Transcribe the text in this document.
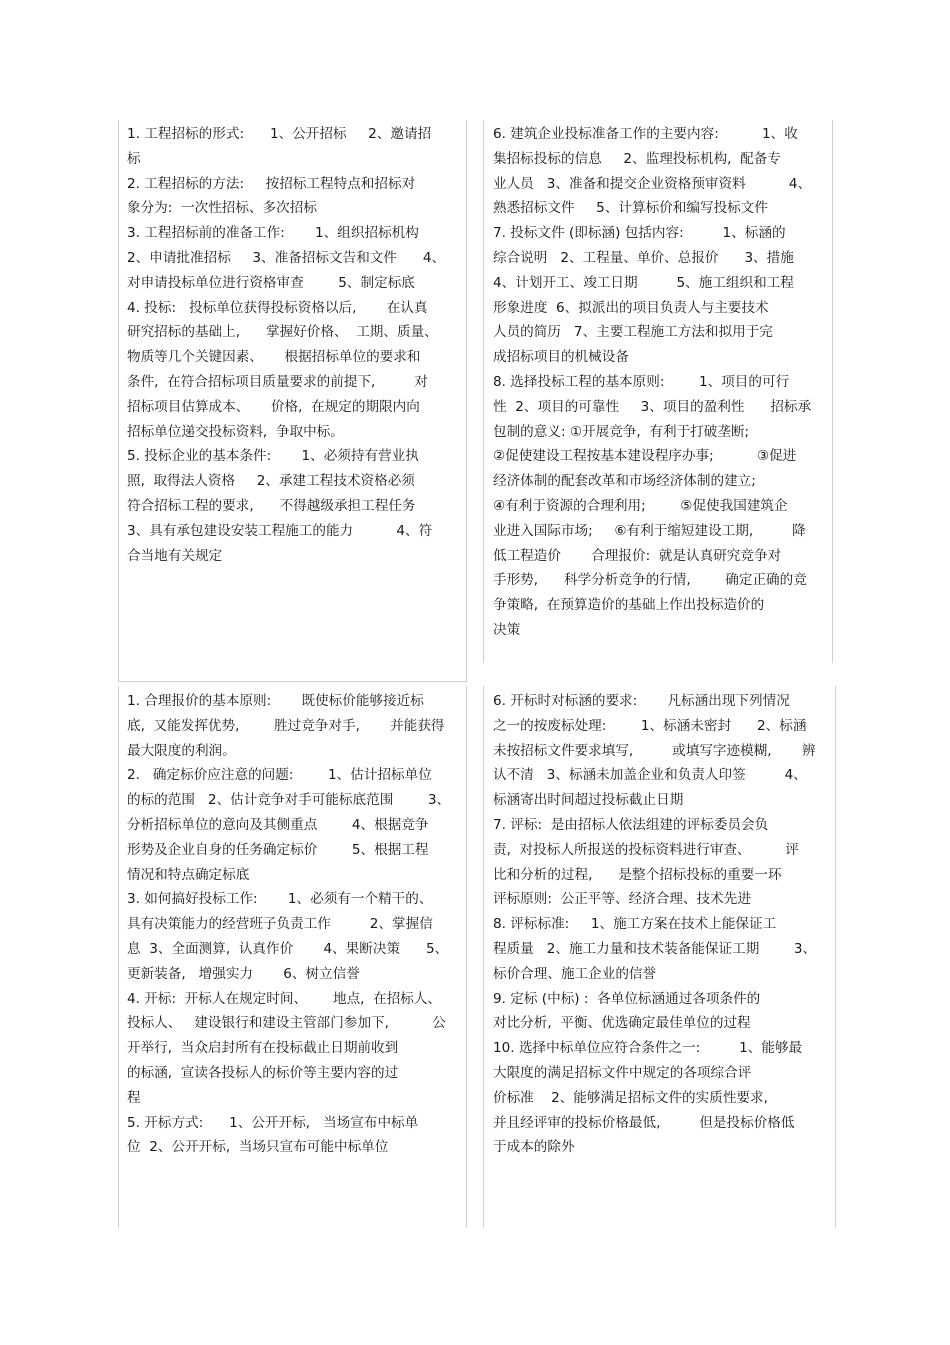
1. 工程招标的形式:      1、公开招标     2、邀请招
标
2. 工程招标的方法:     按招标工程特点和招标对
象分为:  一次性招标、多次招标
3. 工程招标前的准备工作:       1、组织招标机构
2、申请批准招标     3、准备招标文告和文件      4、
对申请投标单位进行资格审查        5、制定标底
4. 投标:   投标单位获得投标资格以后,       在认真
研究招标的基础上,      掌握好价格、  工期、质量、
物质等几个关键因素、     根据招标单位的要求和
条件,  在符合招标项目质量要求的前提下,         对
招标项目估算成本、     价格,  在规定的期限内向
招标单位递交投标资料,  争取中标。
5. 投标企业的基本条件:       1、必须持有营业执
照,  取得法人资格     2、承建工程技术资格必须
符合招标工程的要求,      不得越级承担工程任务
3、具有承包建设安装工程施工的能力          4、符
合当地有关规定
6. 建筑企业投标准备工作的主要内容:          1、收
集招标投标的信息     2、监理投标机构,  配备专
业人员   3、准备和提交企业资格预审资料          4、
熟悉招标文件     5、计算标价和编写投标文件
7. 投标文件 (即标涵) 包括内容:         1、标涵的
综合说明   2、工程量、单价、总报价      3、措施
4、计划开工、竣工日期         5、施工组织和工程
形象进度  6、拟派出的项目负责人与主要技术
人员的简历   7、主要工程施工方法和拟用于完
成招标项目的机械设备
8. 选择投标工程的基本原则:        1、项目的可行
性  2、项目的可靠性     3、项目的盈利性      招标承
包制的意义: ①开展竞争,  有利于打破垄断;
②促使建设工程按基本建设程序办事;          ③促进
经济体制的配套改革和市场经济体制的建立;
④有利于资源的合理利用;        ⑤促使我国建筑企
业进入国际市场;     ⑥有利于缩短建设工期,         降
低工程造价       合理报价:  就是认真研究竞争对
手形势,      科学分析竞争的行情,        确定正确的竞
争策略,  在预算造价的基础上作出投标造价的
决策
1. 合理报价的基本原则:       既使标价能够接近标
底,  又能发挥优势,        胜过竞争对手,       并能获得
最大限度的利润。
2.   确定标价应注意的问题:        1、估计招标单位
的标的范围   2、估计竞争对手可能标底范围        3、
分析招标单位的意向及其侧重点        4、根据竞争
形势及企业自身的任务确定标价        5、根据工程
情况和特点确定标底
3. 如何搞好投标工作:       1、必须有一个精干的、
具有决策能力的经营班子负责工作         2、掌握信
息  3、全面测算,  认真作价       4、果断决策      5、
更新装备,   增强实力       6、树立信誉
4. 开标:  开标人在规定时间、      地点,  在招标人、
投标人、   建设银行和建设主管部门参加下,          公
开举行,  当众启封所有在投标截止日期前收到
的标涵,  宣读各投标人的标价等主要内容的过
程
5. 开标方式:      1、公开开标,   当场宣布中标单
位  2、公开开标,  当场只宣布可能中标单位
6. 开标时对标涵的要求:       凡标涵出现下列情况
之一的按废标处理:        1、标涵未密封      2、标涵
未按招标文件要求填写,         或填写字迹模糊,       辨
认不清   3、标涵未加盖企业和负责人印签         4、
标涵寄出时间超过投标截止日期
7. 评标:  是由招标人依法组建的评标委员会负
责,  对投标人所报送的投标资料进行审查、        评
比和分析的过程,      是整个招标投标的重要一环
评标原则:  公正平等、经济合理、技术先进
8. 评标标准:     1、施工方案在技术上能保证工
程质量   2、施工力量和技术装备能保证工期        3、
标价合理、施工企业的信誉
9. 定标 (中标) :  各单位标涵通过各项条件的
对比分析,  平衡、优选确定最佳单位的过程
10. 选择中标单位应符合条件之一:         1、能够最
大限度的满足招标文件中规定的各项综合评
价标准    2、能够满足招标文件的实质性要求,
并且经评审的投标价格最低,         但是投标价格低
于成本的除外
